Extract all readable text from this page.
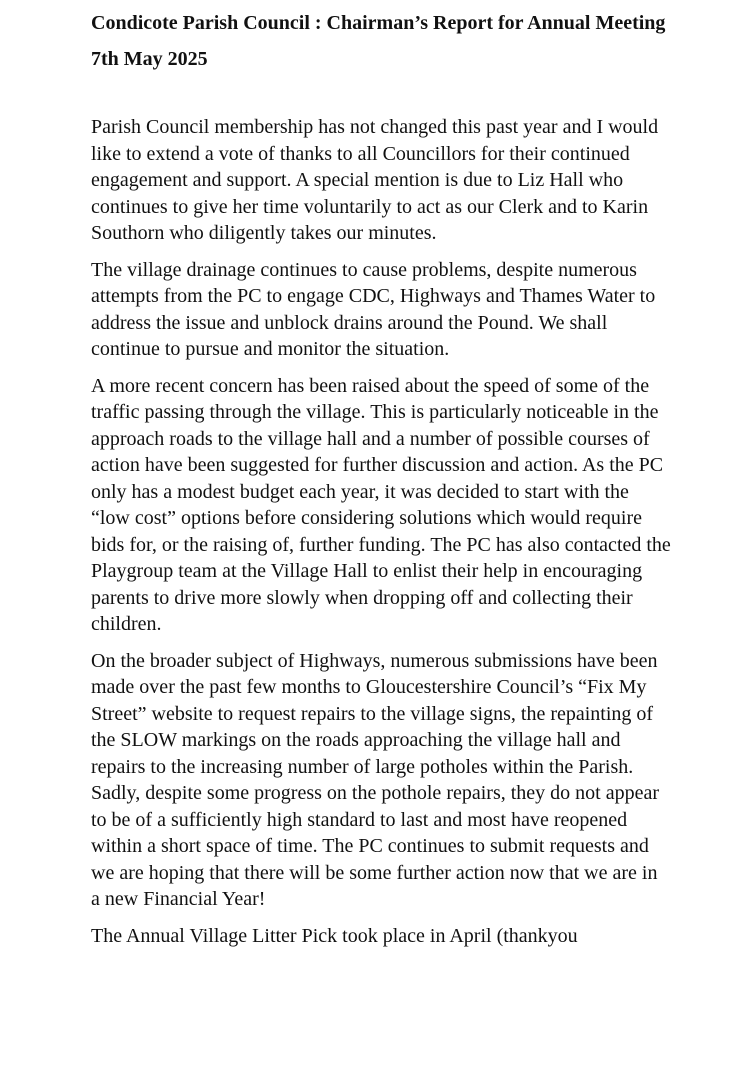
Condicote Parish Council : Chairman’s Report for Annual Meeting

7th May 2025

Parish Council membership has not changed this past year and I would like to extend a vote of thanks to all Councillors for their continued engagement and support. A special mention is due to Liz Hall who continues to give her time voluntarily to act as our Clerk and to Karin Southorn who diligently takes our minutes.

The village drainage continues to cause problems, despite numerous attempts from the PC to engage CDC, Highways and Thames Water to address the issue and unblock drains around the Pound. We shall continue to pursue and monitor the situation.

A more recent concern has been raised about the speed of some of the traffic passing through the village. This is particularly noticeable in the approach roads to the village hall and a number of possible courses of action have been suggested for further discussion and action. As the PC only has a modest budget each year, it was decided to start with the “low cost” options before considering solutions which would require bids for, or the raising of, further funding. The PC has also contacted the Playgroup team at the Village Hall to enlist their help in encouraging parents to drive more slowly when dropping off and collecting their children.

On the broader subject of Highways, numerous submissions have been made over the past few months to Gloucestershire Council’s “Fix My Street” website to request repairs to the village signs, the repainting of the SLOW markings on the roads approaching the village hall and repairs to the increasing number of large potholes within the Parish. Sadly, despite some progress on the pothole repairs, they do not appear to be of a sufficiently high standard to last and most have reopened within a short space of time. The PC continues to submit requests and we are hoping that there will be some further action now that we are in a new Financial Year!

The Annual Village Litter Pick took place in April (thankyou
